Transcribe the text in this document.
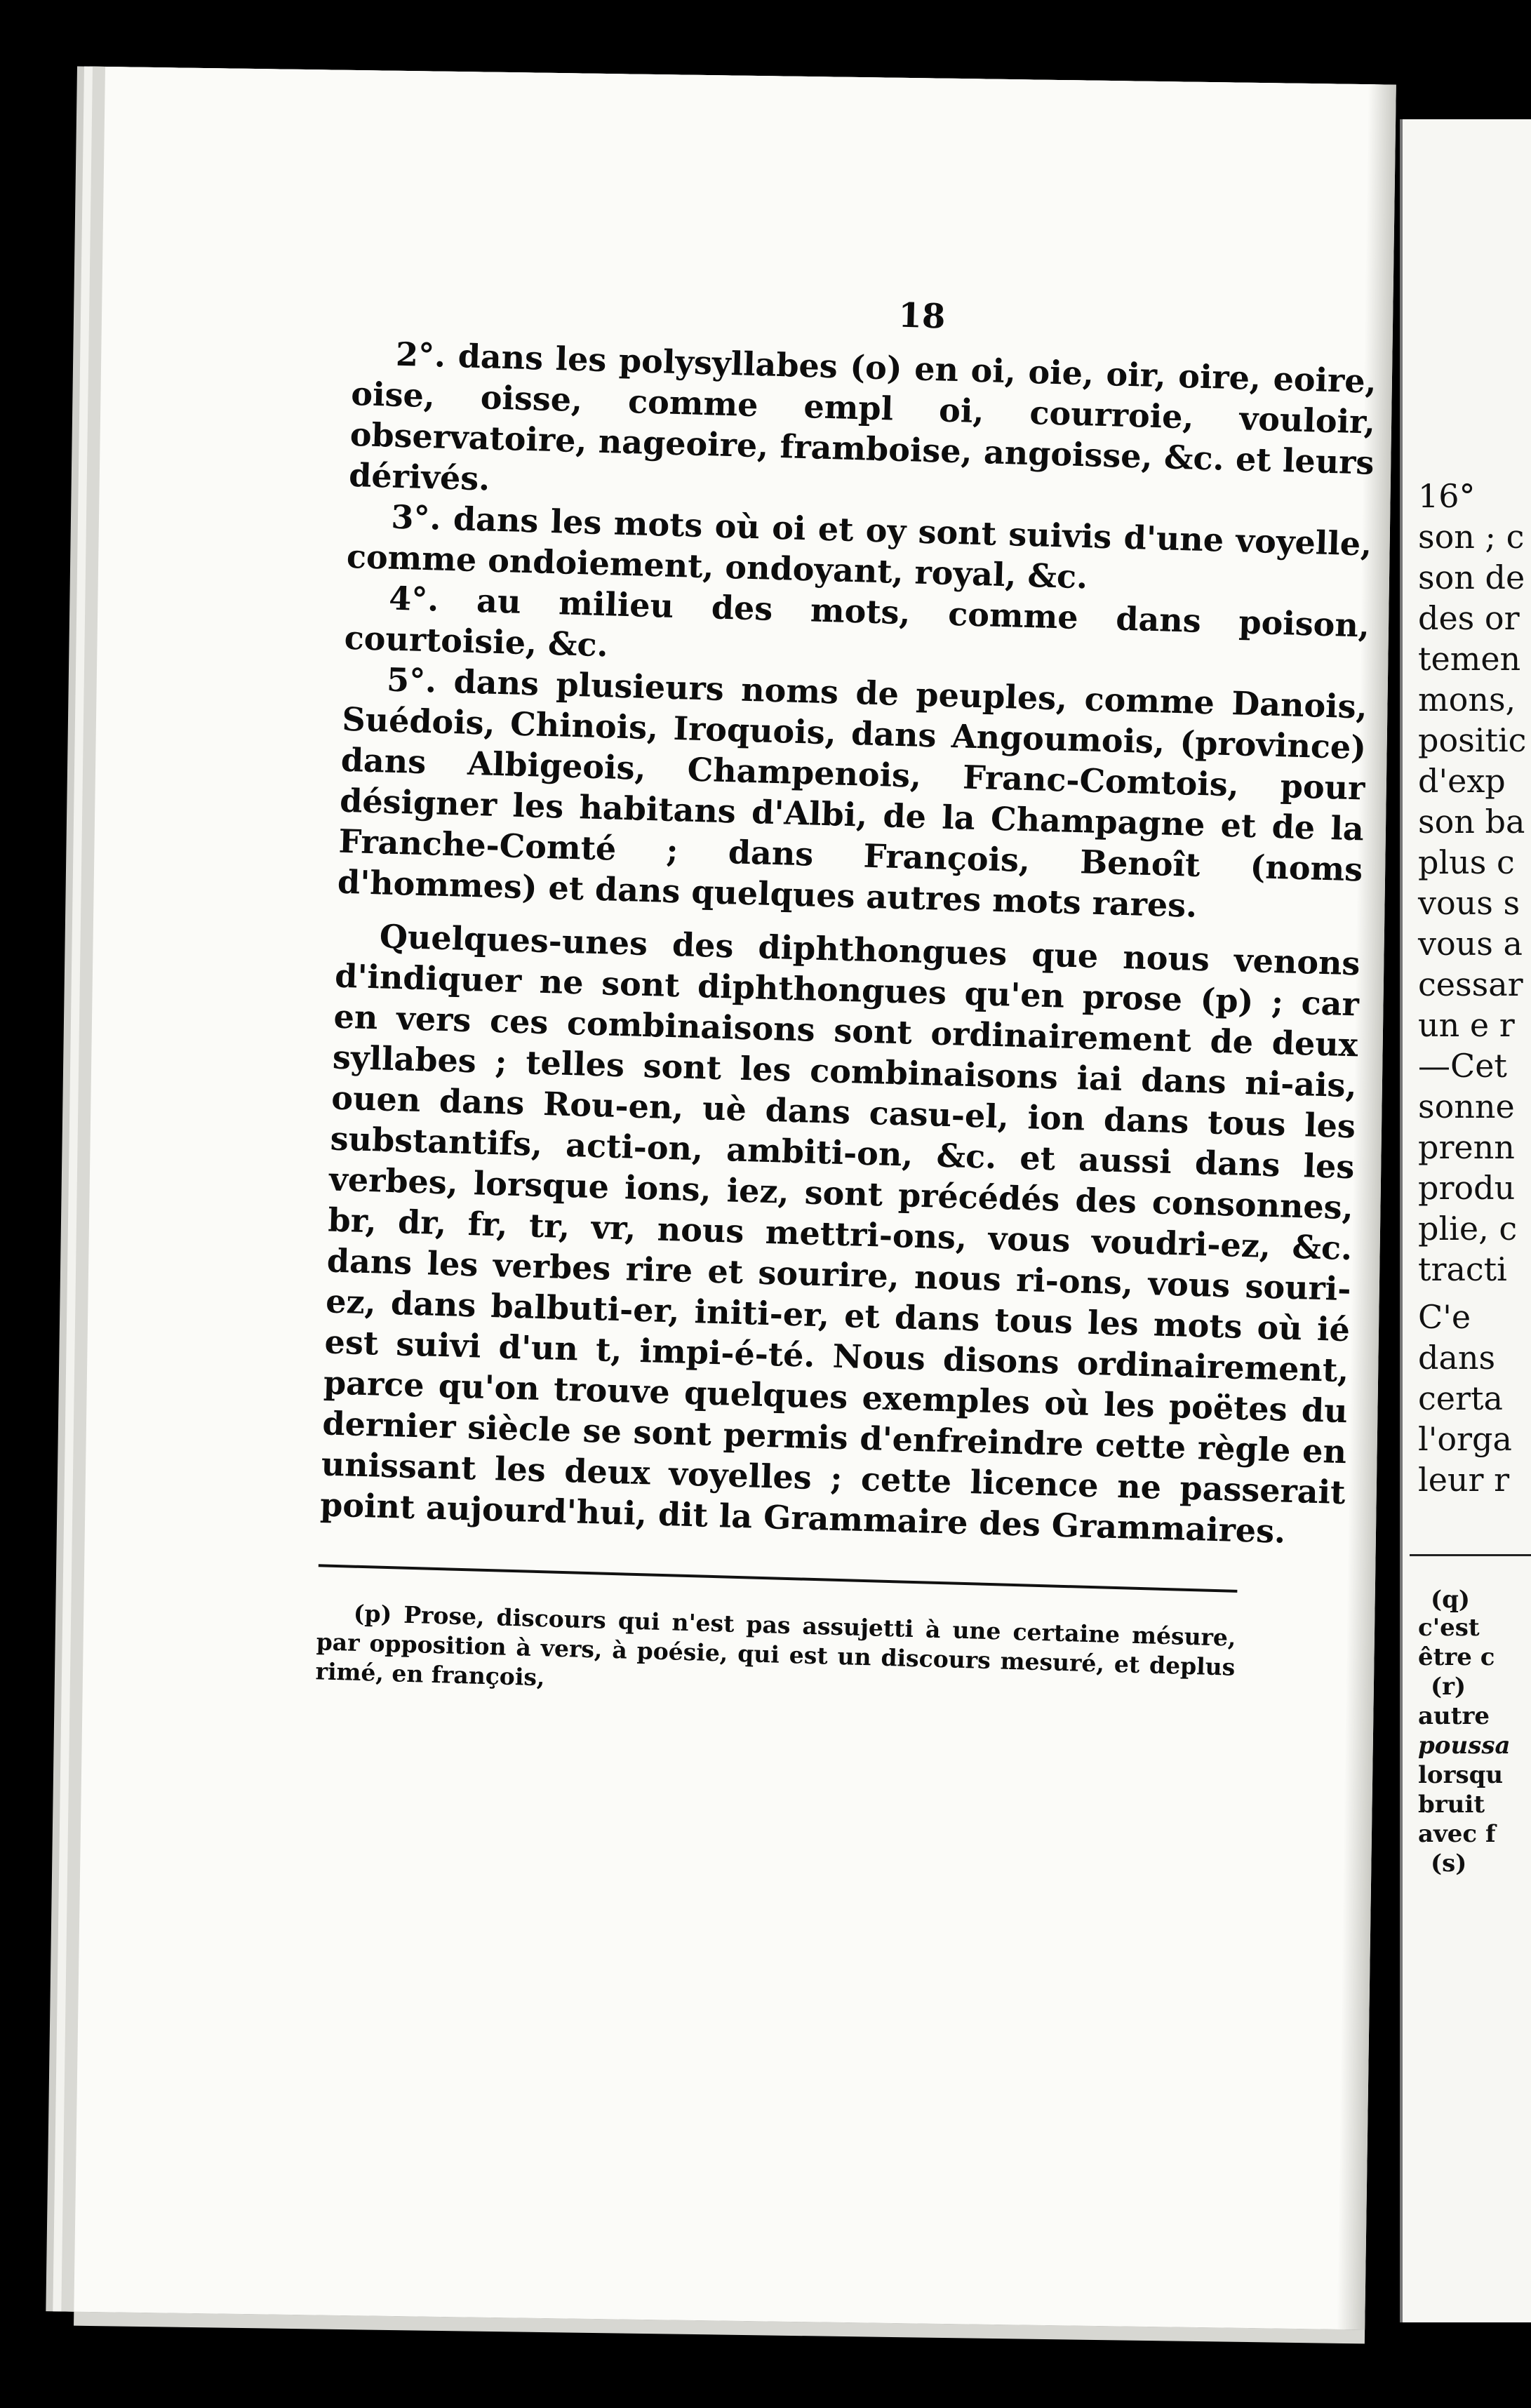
18

2°. dans les polysyllabes (o) en oi, oie, oir, oire, eoire, oise, oisse, comme empl oi, courroie, vouloir, observatoire, nageoire, framboise, angoisse, &c. et leurs dérivés.

3°. dans les mots où oi et oy sont suivis d'une voyelle, comme ondoiement, ondoyant, royal, &c.

4°. au milieu des mots, comme dans poison, courtoisie, &c.

5°. dans plusieurs noms de peuples, comme Danois, Suédois, Chinois, Iroquois, dans Angoumois, (province) dans Albigeois, Champenois, Franc-Comtois, pour désigner les habitans d'Albi, de la Champagne et de la Franche-Comté ; dans François, Benoît (noms d'hommes) et dans quelques autres mots rares.

Quelques-unes des diphthongues que nous venons d'indiquer ne sont diphthongues qu'en prose (p) ; car en vers ces combinaisons sont ordinairement de deux syllabes ; telles sont les combinaisons iai dans ni-ais, ouen dans Rou-en, uè dans casu-el, ion dans tous les substantifs, acti-on, ambiti-on, &c. et aussi dans les verbes, lorsque ions, iez, sont précédés des consonnes, br, dr, fr, tr, vr, nous mettri-ons, vous voudri-ez, &c. dans les verbes rire et sourire, nous ri-ons, vous souri-ez, dans balbuti-er, initi-er, et dans tous les mots où ié est suivi d'un t, impi-é-té. Nous disons ordinairement, parce qu'on trouve quelques exemples où les poëtes du dernier siècle se sont permis d'enfreindre cette règle en unissant les deux voyelles ; cette licence ne passerait point aujourd'hui, dit la Grammaire des Grammaires.

(p) Prose, discours qui n'est pas assujetti à une certaine mésure, par opposition à vers, à poésie, qui est un discours mesuré, et deplus rimé, en françois,

16°
son ; c
son de
des or
temen
mons,
positic
d'exp
son ba
plus c
vous s
vous a
cessar
un e r
—Cet
sonne
prenn
produ
plie, c
tracti
C'e
dans
certa
l'orga
leur r
(q)
c'est
être c
(r)
autre
poussa
lorsqu
bruit
avec f
(s)
